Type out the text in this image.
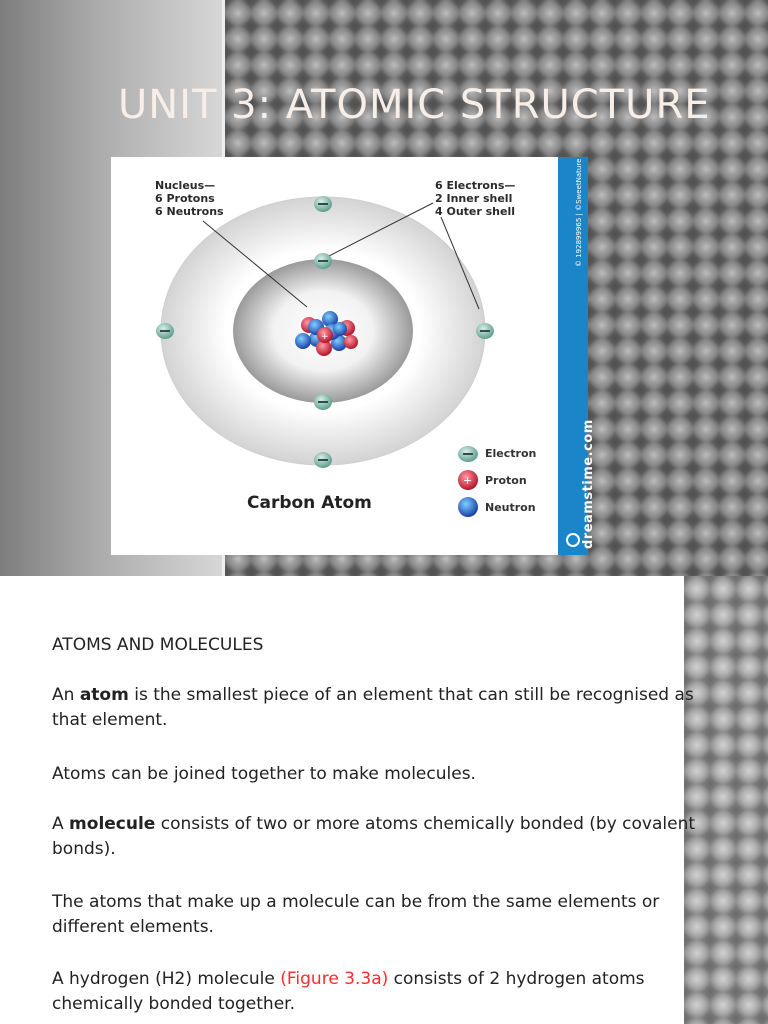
UNIT 3: ATOMIC STRUCTURE
+
+
Nucleus—
6 Protons
6 Neutrons
6 Electrons—
2 Inner shell
4 Outer shell
Carbon Atom
Electron
Proton
Neutron
© 192899965 | ©SweetNature
dreamstime.com

ATOMS AND MOLECULES

An atom is the smallest piece of an element that can still be recognised as that element.

Atoms can be joined together to make molecules.

A molecule consists of two or more atoms chemically bonded (by covalent bonds).

The atoms that make up a molecule can be from the same elements or different elements.

A hydrogen (H2) molecule (Figure 3.3a) consists of 2 hydrogen atoms chemically bonded together.
